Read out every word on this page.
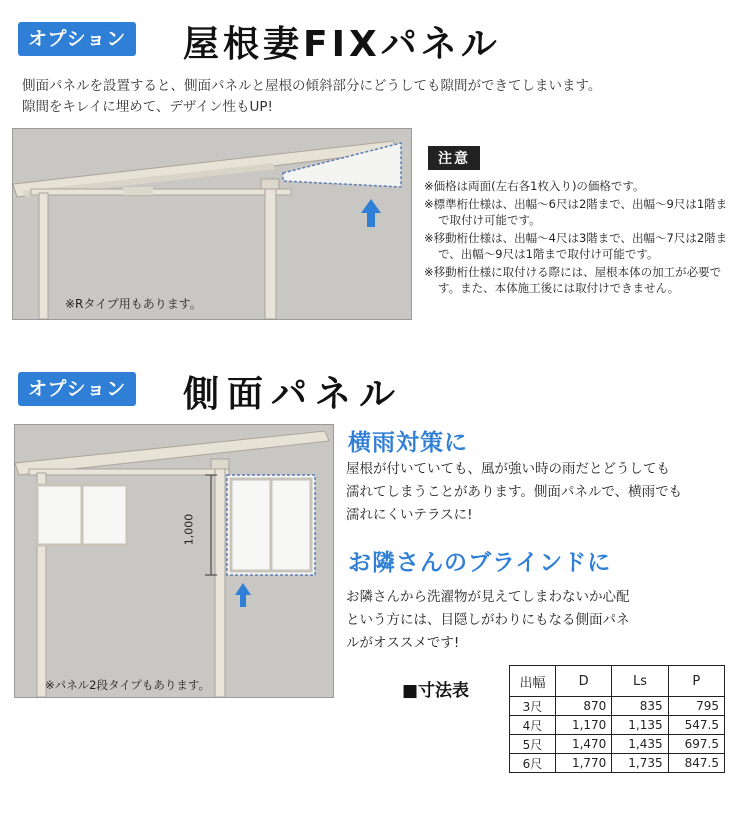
オプション 屋根妻FIXパネル
側面パネルを設置すると、側面パネルと屋根の傾斜部分にどうしても隙間ができてしまいます。
隙間をキレイに埋めて、デザイン性もUP!
※Rタイプ用もあります。
注意
※価格は両面(左右各1枚入り)の価格です。
※標準桁仕様は、出幅〜6尺は2階まで、出幅〜9尺は1階まで取付け可能です。
※移動桁仕様は、出幅〜4尺は3階まで、出幅〜7尺は2階まで、出幅〜9尺は1階まで取付け可能です。
※移動桁仕様に取付ける際には、屋根本体の加工が必要です。また、本体施工後には取付けできません。
オプション 側面パネル
1,000
※パネル2段タイプもあります。
横雨対策に
屋根が付いていても、風が強い時の雨だとどうしても
濡れてしまうことがあります。側面パネルで、横雨でも
濡れにくいテラスに!
お隣さんのブラインドに
お隣さんから洗濯物が見えてしまわないか心配
という方には、目隠しがわりにもなる側面パネ
ルがオススメです!
■寸法表	出幅	D	Ls	P
3尺	870	835	795
4尺	1,170	1,135	547.5
5尺	1,470	1,435	697.5
6尺	1,770	1,735	847.5
